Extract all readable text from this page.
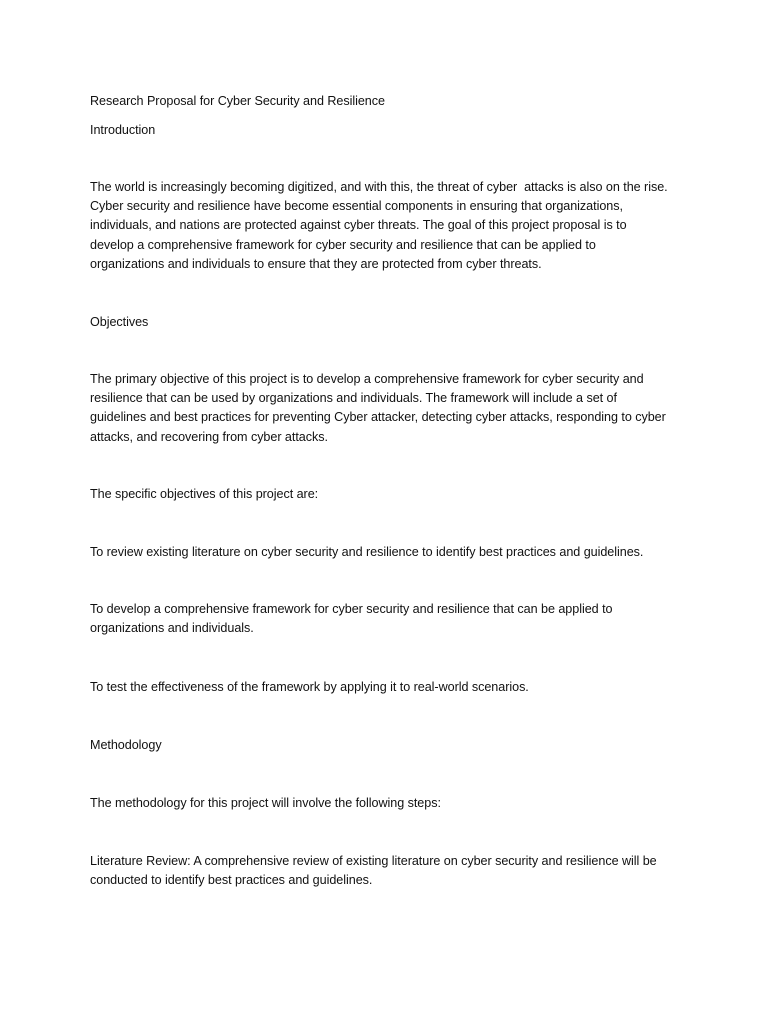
Research Proposal for Cyber Security and Resilience
Introduction
The world is increasingly becoming digitized, and with this, the threat of cyber  attacks is also on the rise.
Cyber security and resilience have become essential components in ensuring that organizations,
individuals, and nations are protected against cyber threats. The goal of this project proposal is to
develop a comprehensive framework for cyber security and resilience that can be applied to
organizations and individuals to ensure that they are protected from cyber threats.
Objectives
The primary objective of this project is to develop a comprehensive framework for cyber security and
resilience that can be used by organizations and individuals. The framework will include a set of
guidelines and best practices for preventing Cyber attacker, detecting cyber attacks, responding to cyber
attacks, and recovering from cyber attacks.
The specific objectives of this project are:
To review existing literature on cyber security and resilience to identify best practices and guidelines.
To develop a comprehensive framework for cyber security and resilience that can be applied to
organizations and individuals.
To test the effectiveness of the framework by applying it to real-world scenarios.
Methodology
The methodology for this project will involve the following steps:
Literature Review: A comprehensive review of existing literature on cyber security and resilience will be
conducted to identify best practices and guidelines.
